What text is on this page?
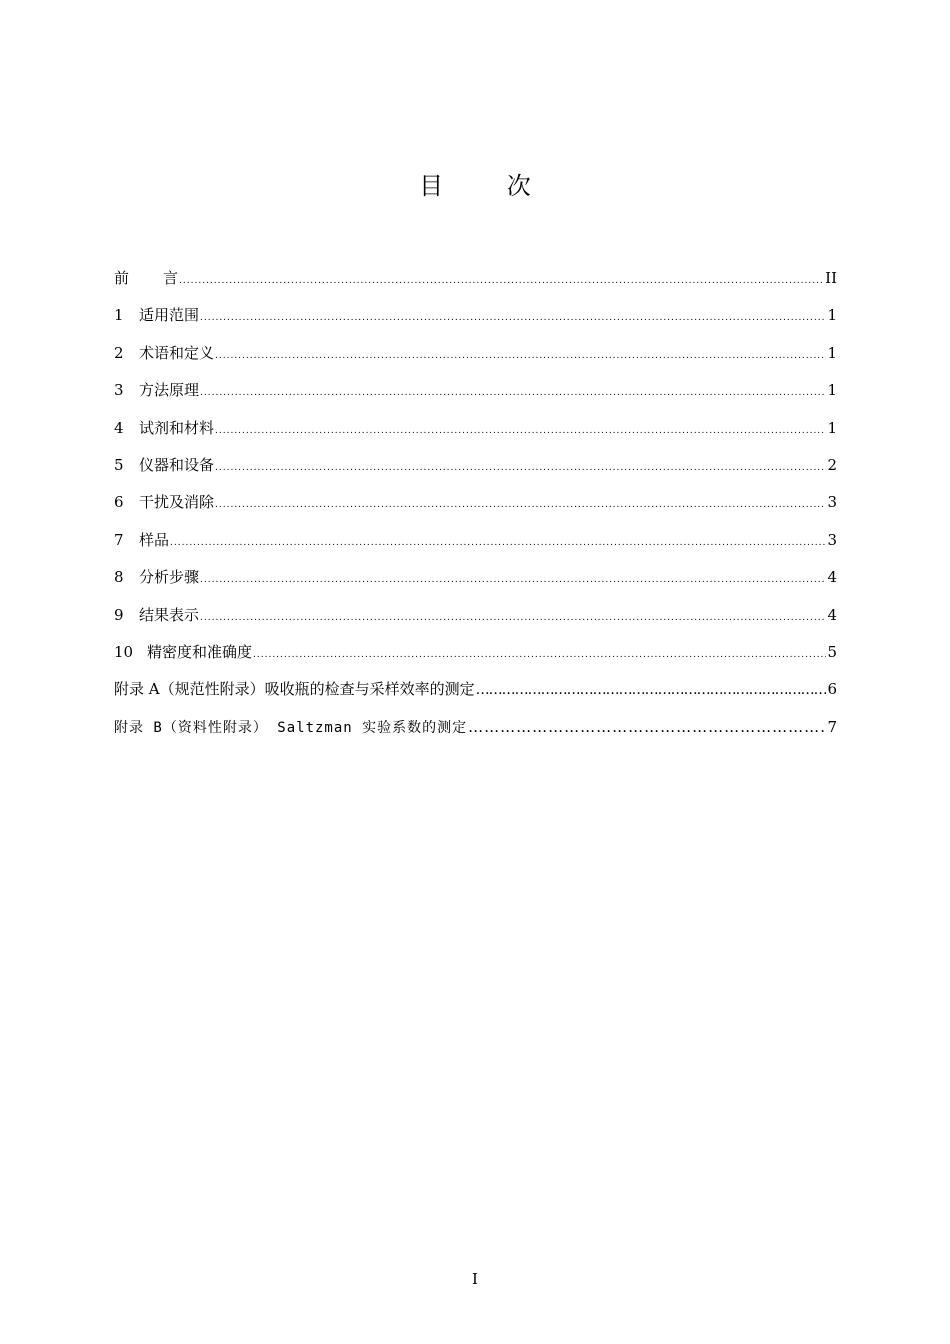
目 次
前言 .....	II
1	适用范围 .....	1
2	术语和定义 .....	1
3	方法原理 .....	1
4	试剂和材料 .....	1
5	仪器和设备 .....	2
6	干扰及消除 .....	3
7	样品 .....	3
8	分析步骤 .....	4
9	结果表示 .....	4
10 精密度和准确度 .....	5
附录 A（规范性附录）吸收瓶的检查与采样效率的测定 …………………………………………………………………………………………………………………………………………………………………………………………………………………………………………………	6
附录 B（资料性附录） Saltzman 实验系数的测定 …………………………………………………………………………………………………………………………………………………………………………………………………………………………………………………	7
I
